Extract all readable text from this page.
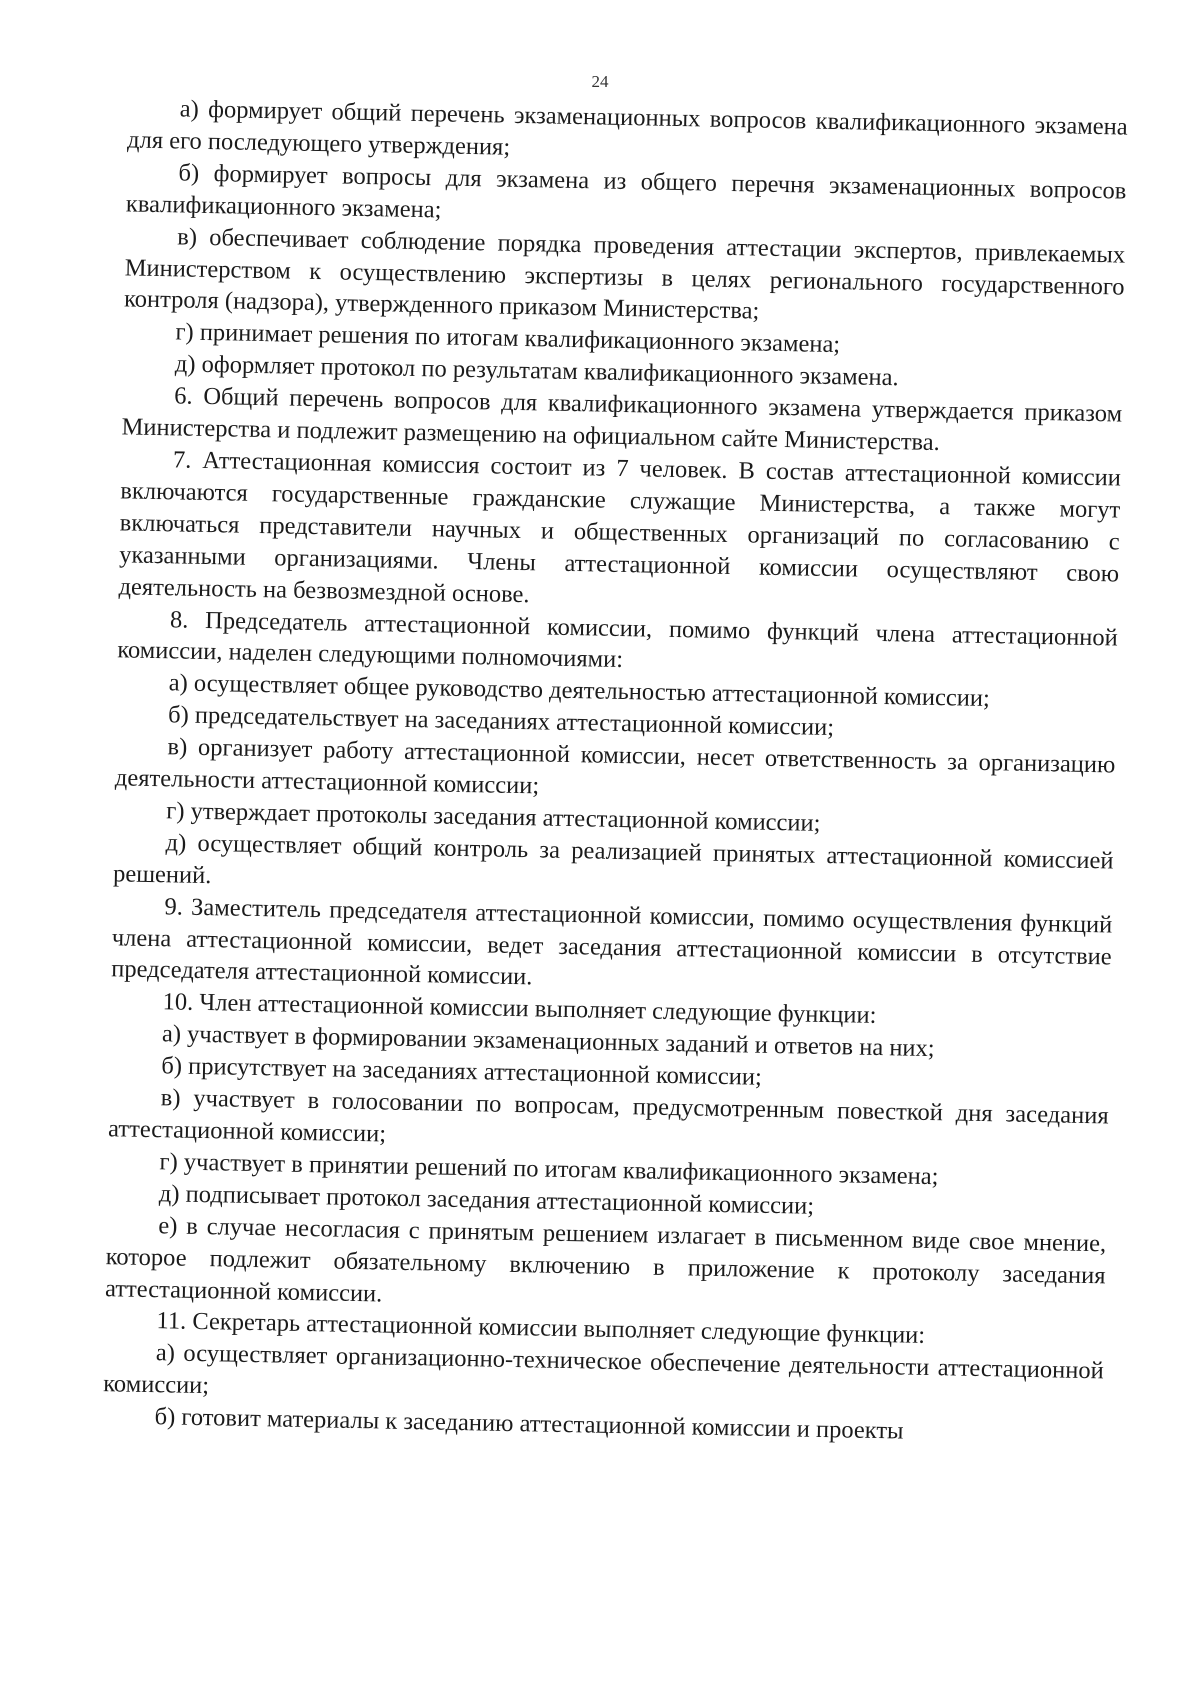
24

а) формирует общий перечень экзаменационных вопросов квалификационного экзамена для его последующего утверждения;

б) формирует вопросы для экзамена из общего перечня экзаменационных вопросов квалификационного экзамена;

в) обеспечивает соблюдение порядка проведения аттестации экспертов, привлекаемых Министерством к осуществлению экспертизы в целях регионального государственного контроля (надзора), утвержденного приказом Министерства;

г) принимает решения по итогам квалификационного экзамена;

д) оформляет протокол по результатам квалификационного экзамена.

6. Общий перечень вопросов для квалификационного экзамена утверждается приказом Министерства и подлежит размещению на официальном сайте Министерства.

7. Аттестационная комиссия состоит из 7 человек. В состав аттестационной комиссии включаются государственные гражданские служащие Министерства, а также могут включаться представители научных и общественных организаций по согласованию с указанными организациями. Члены аттестационной комиссии осуществляют свою деятельность на безвозмездной основе.

8. Председатель аттестационной комиссии, помимо функций члена аттестационной комиссии, наделен следующими полномочиями:

а) осуществляет общее руководство деятельностью аттестационной комиссии;

б) председательствует на заседаниях аттестационной комиссии;

в) организует работу аттестационной комиссии, несет ответственность за организацию деятельности аттестационной комиссии;

г) утверждает протоколы заседания аттестационной комиссии;

д) осуществляет общий контроль за реализацией принятых аттестационной комиссией решений.

9. Заместитель председателя аттестационной комиссии, помимо осуществления функций члена аттестационной комиссии, ведет заседания аттестационной комиссии в отсутствие председателя аттестационной комиссии.

10. Член аттестационной комиссии выполняет следующие функции:

а) участвует в формировании экзаменационных заданий и ответов на них;

б) присутствует на заседаниях аттестационной комиссии;

в) участвует в голосовании по вопросам, предусмотренным повесткой дня заседания аттестационной комиссии;

г) участвует в принятии решений по итогам квалификационного экзамена;

д) подписывает протокол заседания аттестационной комиссии;

е) в случае несогласия с принятым решением излагает в письменном виде свое мнение, которое подлежит обязательному включению в приложение к протоколу заседания аттестационной комиссии.

11. Секретарь аттестационной комиссии выполняет следующие функции:

а) осуществляет организационно-техническое обеспечение деятельности аттестационной комиссии;

б) готовит материалы к заседанию аттестационной комиссии и проекты
